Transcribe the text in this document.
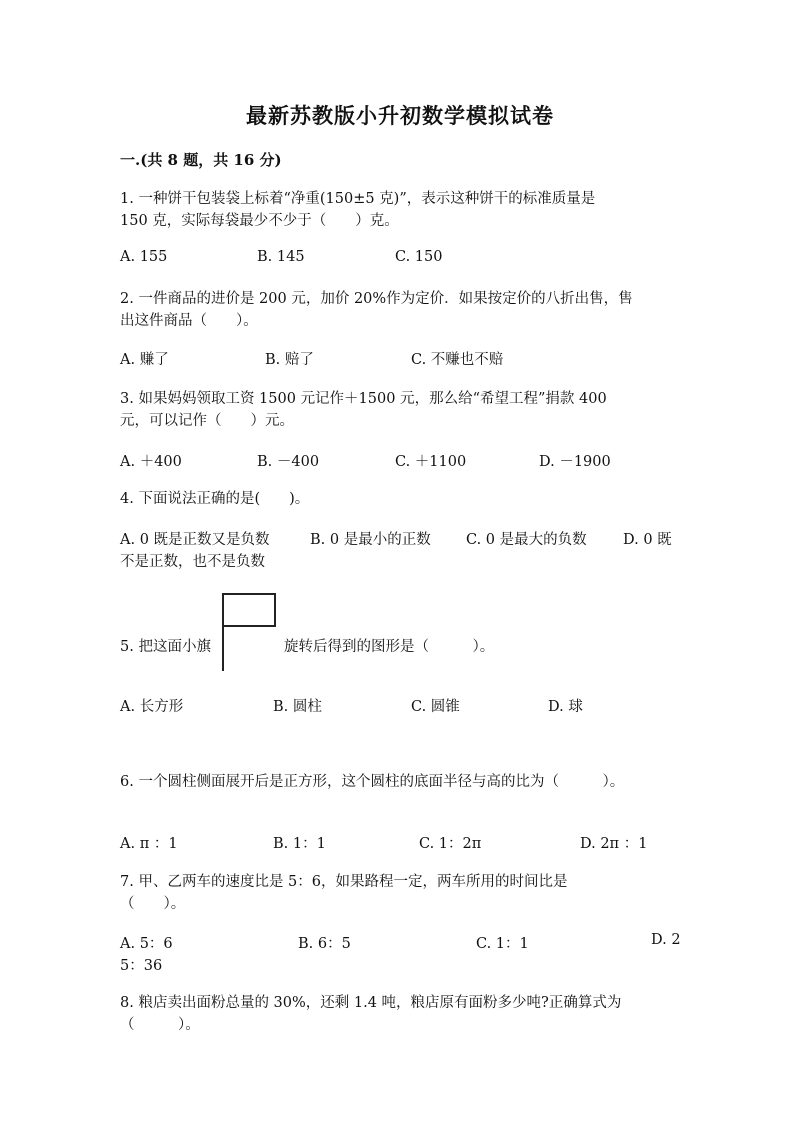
最新苏教版小升初数学模拟试卷
一.(共 8 题，共 16 分)
1. 一种饼干包装袋上标着“净重(150±5 克)”，表示这种饼干的标准质量是
150 克，实际每袋最少不少于（　　）克。
A. 155	B. 145	C. 150
2. 一件商品的进价是 200 元，加价 20%作为定价．如果按定价的八折出售，售
出这件商品（　　）。
A. 赚了	B. 赔了	C. 不赚也不赔
3. 如果妈妈领取工资 1500 元记作＋1500 元，那么给“希望工程”捐款 400
元，可以记作（　　）元。
A. ＋400	B. －400	C. ＋1100	D. －1900
4. 下面说法正确的是(　　)。
A. 0 既是正数又是负数	B. 0 是最小的正数 C. 0 是最大的负数	D. 0 既
不是正数，也不是负数
5. 把这面小旗	旋转后得到的图形是（　　　）。
A. 长方形	B. 圆柱	C. 圆锥	D. 球
6. 一个圆柱侧面展开后是正方形，这个圆柱的底面半径与高的比为（　　　）。
A. π ：1	B. 1：1	C. 1：2π	D. 2π ：1
7. 甲、乙两车的速度比是 5：6，如果路程一定，两车所用的时间比是
（　　）。
A. 5：6	B. 6：5	C. 1：1	D. 2
5：36
8. 粮店卖出面粉总量的 30%，还剩 1.4 吨，粮店原有面粉多少吨?正确算式为
（　　　）。
